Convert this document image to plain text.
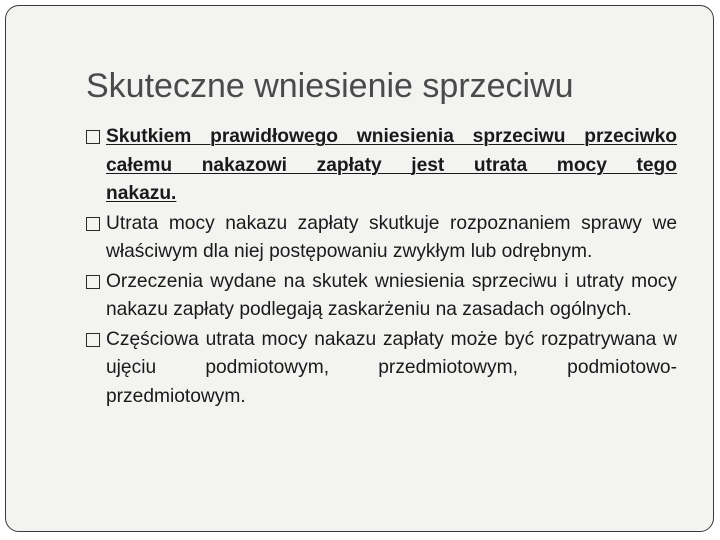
Skuteczne wniesienie sprzeciwu
Skutkiem prawidłowego wniesienia sprzeciwu przeciwko całemu nakazowi zapłaty jest utrata mocy tego nakazu.
Utrata mocy nakazu zapłaty skutkuje rozpoznaniem sprawy we właściwym dla niej postępowaniu zwykłym lub odrębnym.
Orzeczenia wydane na skutek wniesienia sprzeciwu i utraty mocy nakazu zapłaty podlegają zaskarżeniu na zasadach ogólnych.
Częściowa utrata mocy nakazu zapłaty może być rozpatrywana w ujęciu podmiotowym, przedmiotowym, podmiotowo-przedmiotowym.
